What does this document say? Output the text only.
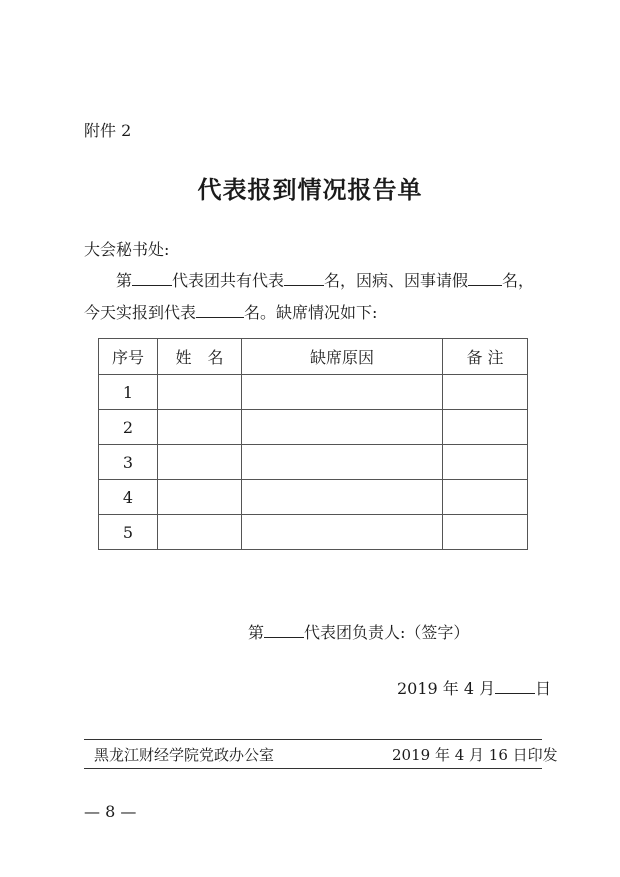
附件 2
代表报到情况报告单
大会秘书处:
第	代表团共有代表	名，因病、因事请假 名，
今天实报到代表	名。缺席情况如下:
序号	姓　名	缺席原因	备 注
1			
2			
3			
4			
5			
第	代表团负责人:（签字）
2019 年 4 月	日
黑龙江财经学院党政办公室	2019 年 4 月 16 日印发
— 8 —
